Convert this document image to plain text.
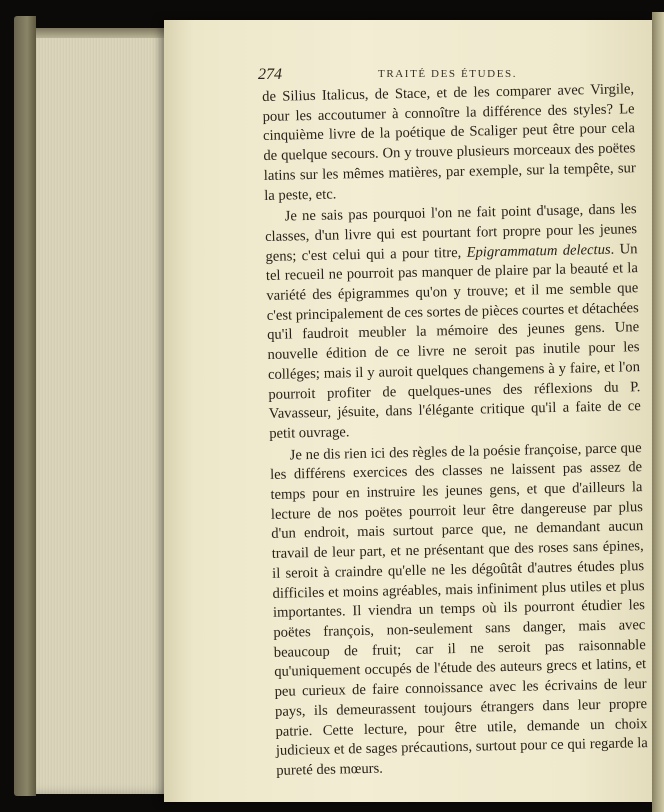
274	TRAITÉ DES ÉTUDES.

de Silius Italicus, de Stace, et de les comparer avec Virgile, pour les accoutumer à connoître la différence des styles? Le cinquième livre de la poétique de Scaliger peut être pour cela de quelque secours. On y trouve plusieurs morceaux des poëtes latins sur les mêmes matières, par exemple, sur la tempête, sur la peste, etc.

Je ne sais pas pourquoi l'on ne fait point d'usage, dans les classes, d'un livre qui est pourtant fort propre pour les jeunes gens; c'est celui qui a pour titre, Epigrammatum delectus. Un tel recueil ne pourroit pas manquer de plaire par la beauté et la variété des épigrammes qu'on y trouve; et il me semble que c'est principalement de ces sortes de pièces courtes et détachées qu'il faudroit meubler la mémoire des jeunes gens. Une nouvelle édition de ce livre ne seroit pas inutile pour les colléges; mais il y auroit quelques changemens à y faire, et l'on pourroit profiter de quelques-unes des réflexions du P. Vavasseur, jésuite, dans l'élégante critique qu'il a faite de ce petit ouvrage.

Je ne dis rien ici des règles de la poésie françoise, parce que les différens exercices des classes ne laissent pas assez de temps pour en instruire les jeunes gens, et que d'ailleurs la lecture de nos poëtes pourroit leur être dangereuse par plus d'un endroit, mais surtout parce que, ne demandant aucun travail de leur part, et ne présentant que des roses sans épines, il seroit à craindre qu'elle ne les dégoûtât d'autres études plus difficiles et moins agréables, mais infiniment plus utiles et plus importantes. Il viendra un temps où ils pourront étudier les poëtes françois, non-seulement sans danger, mais avec beaucoup de fruit; car il ne seroit pas raisonnable qu'uniquement occupés de l'étude des auteurs grecs et latins, et peu curieux de faire connoissance avec les écrivains de leur pays, ils demeurassent toujours étrangers dans leur propre patrie. Cette lecture, pour être utile, demande un choix judicieux et de sages précautions, surtout pour ce qui regarde la pureté des mœurs.
